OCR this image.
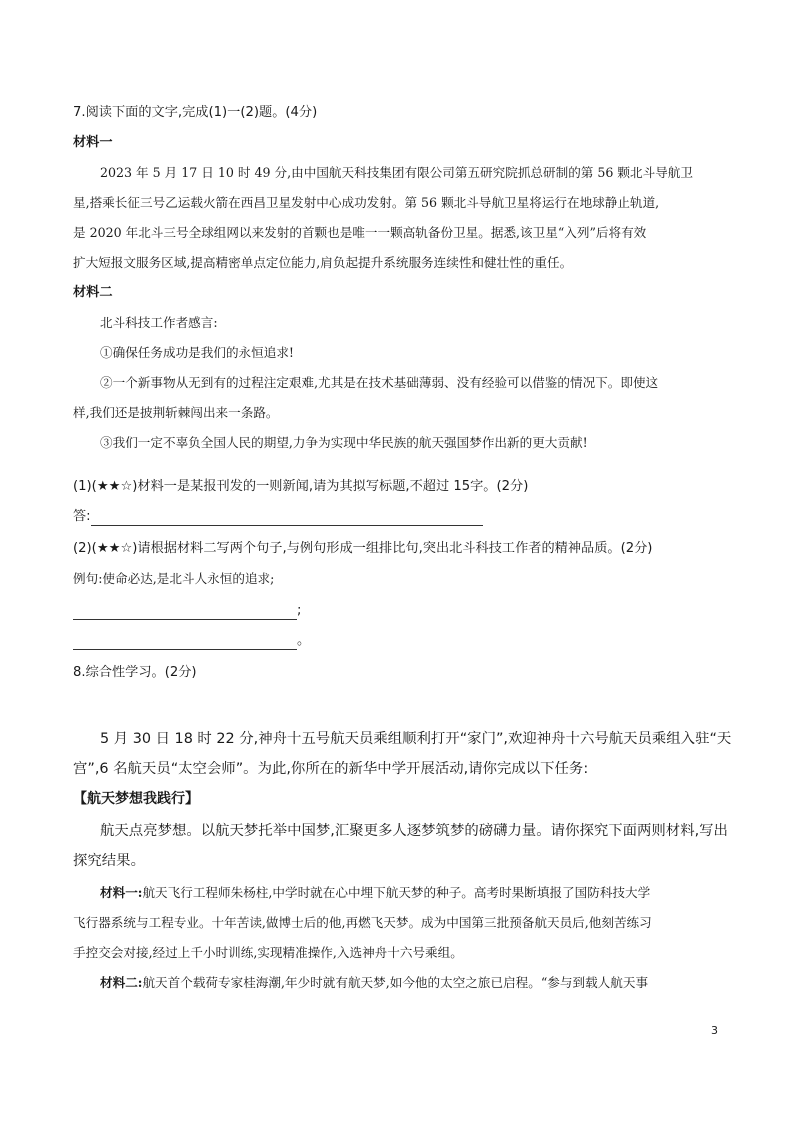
7.阅读下面的文字,完成(1)一(2)题。(4分)
材料一
2023 年 5 月 17 日 10 时 49 分,由中国航天科技集团有限公司第五研究院抓总研制的第 56 颗北斗导航卫
星,搭乘长征三号乙运载火箭在西昌卫星发射中心成功发射。第 56 颗北斗导航卫星将运行在地球静止轨道,
是 2020 年北斗三号全球组网以来发射的首颗也是唯一一颗高轨备份卫星。据悉,该卫星“入列”后将有效
扩大短报文服务区域,提高精密单点定位能力,肩负起提升系统服务连续性和健壮性的重任。
材料二
北斗科技工作者感言:
①确保任务成功是我们的永恒追求!
②一个新事物从无到有的过程注定艰难,尤其是在技术基础薄弱、没有经验可以借鉴的情况下。即使这
样,我们还是披荆斩棘闯出来一条路。
③我们一定不辜负全国人民的期望,力争为实现中华民族的航天强国梦作出新的更大贡献!
(1)(★★☆)材料一是某报刊发的一则新闻,请为其拟写标题,不超过 15字。(2分)
答:
(2)(★★☆)请根据材料二写两个句子,与例句形成一组排比句,突出北斗科技工作者的精神品质。(2分)
例句:使命必达,是北斗人永恒的追求;
;
。
8.综合性学习。(2分)
5 月 30 日 18 时 22 分,神舟十五号航天员乘组顺利打开“家门”,欢迎神舟十六号航天员乘组入驻“天
宫”,6 名航天员“太空会师”。为此,你所在的新华中学开展活动,请你完成以下任务:
【航天梦想我践行】
航天点亮梦想。以航天梦托举中国梦,汇聚更多人逐梦筑梦的磅礴力量。请你探究下面两则材料,写出
探究结果。
材料一:航天飞行工程师朱杨柱,中学时就在心中埋下航天梦的种子。高考时果断填报了国防科技大学
飞行器系统与工程专业。十年苦读,做博士后的他,再燃飞天梦。成为中国第三批预备航天员后,他刻苦练习
手控交会对接,经过上千小时训练,实现精准操作,入选神舟十六号乘组。
材料二:航天首个载荷专家桂海潮,年少时就有航天梦,如今他的太空之旅已启程。“参与到载人航天事
3
